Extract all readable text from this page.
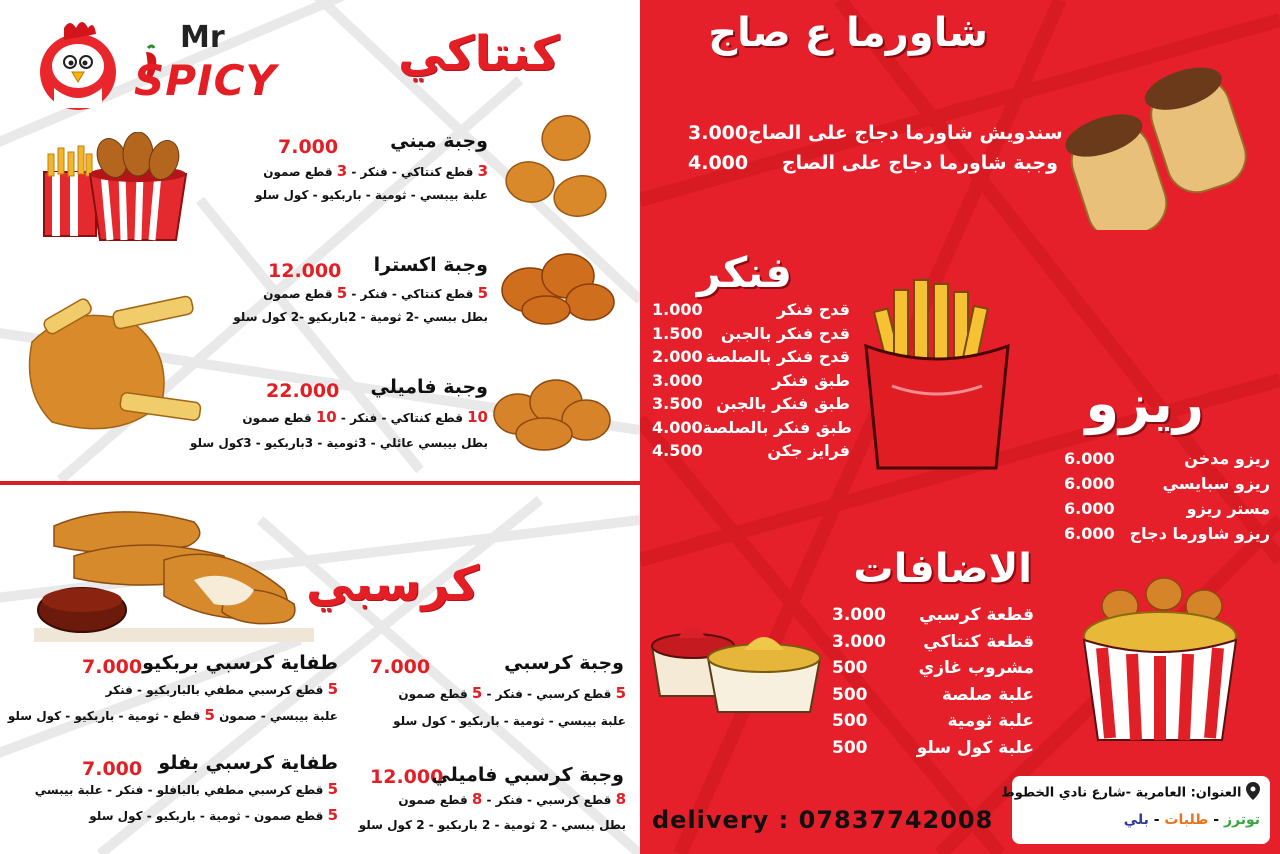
Mr
SPICY	كنتاكي
7.000	وجبة ميني
3 قطع كنتاكي - فنكر - 3 قطع صمون
علبة بيبسي - ثومية - باربكيو - كول سلو
12.000 وجبة اكسترا
5 قطع كنتاكي - فنكر - 5 قطع صمون
بطل ببسي -2 ثومية - 2باربكيو -2 كول سلو
22.000 وجبة فاميلي
10 قطع كنتاكي - فنكر - 10 قطع صمون
بطل بيبسي عائلي - 3ثومية - 3باربكيو - 3كول سلو
كرسبي
7.000	وجبة كرسبي
5 قطع كرسبي - فنكر - 5 قطع صمون
علبة بيبسي - ثومية - باربكيو - كول سلو
7.000 طفاية كرسبي بربكيو
5 قطع كرسبي مطفي بالباربكيو - فنكر
علبة بيبسي - صمون 5 قطع - ثومية - باربكيو - كول سلو
12.000
وجبة كرسبي فاميلي
8 قطع كرسبي - فنكر - 8 قطع صمون
بطل ببسي - 2 ثومية - 2 باربكيو - 2 كول سلو
7.000 طفاية كرسبي بفلو
5 قطع كرسبي مطفي بالبافلو - فنكر - علبة بيبسي
5 قطع صمون - ثومية - باربكيو - كول سلو
شاورما ع صاج
سندويش شاورما دجاج على الصاج
3.000
وجبة شاورما دجاج على الصاج
4.000
فنكر
قدح فنكر
1.000
قدح فنكر بالجبن
1.500
قدح فنكر بالصلصة
2.000
طبق فنكر
3.000
طبق فنكر بالجبن
3.500
طبق فنكر بالصلصة
4.000
فرايز جكن
4.500
ريزو
ريزو مدخن
6.000
ريزو سبايسي
6.000
مستر ريزو
6.000
ريزو شاورما دجاج
6.000
الاضافات
قطعة كرسبي
3.000
قطعة كنتاكي
3.000
مشروب غازي
500
علبة صلصة
500
علبة ثومية
500
علبة كول سلو
500
العنوان: العامرية -شارع نادي الخطوط
توترز - طلبات - بلي
delivery : 07837742008
